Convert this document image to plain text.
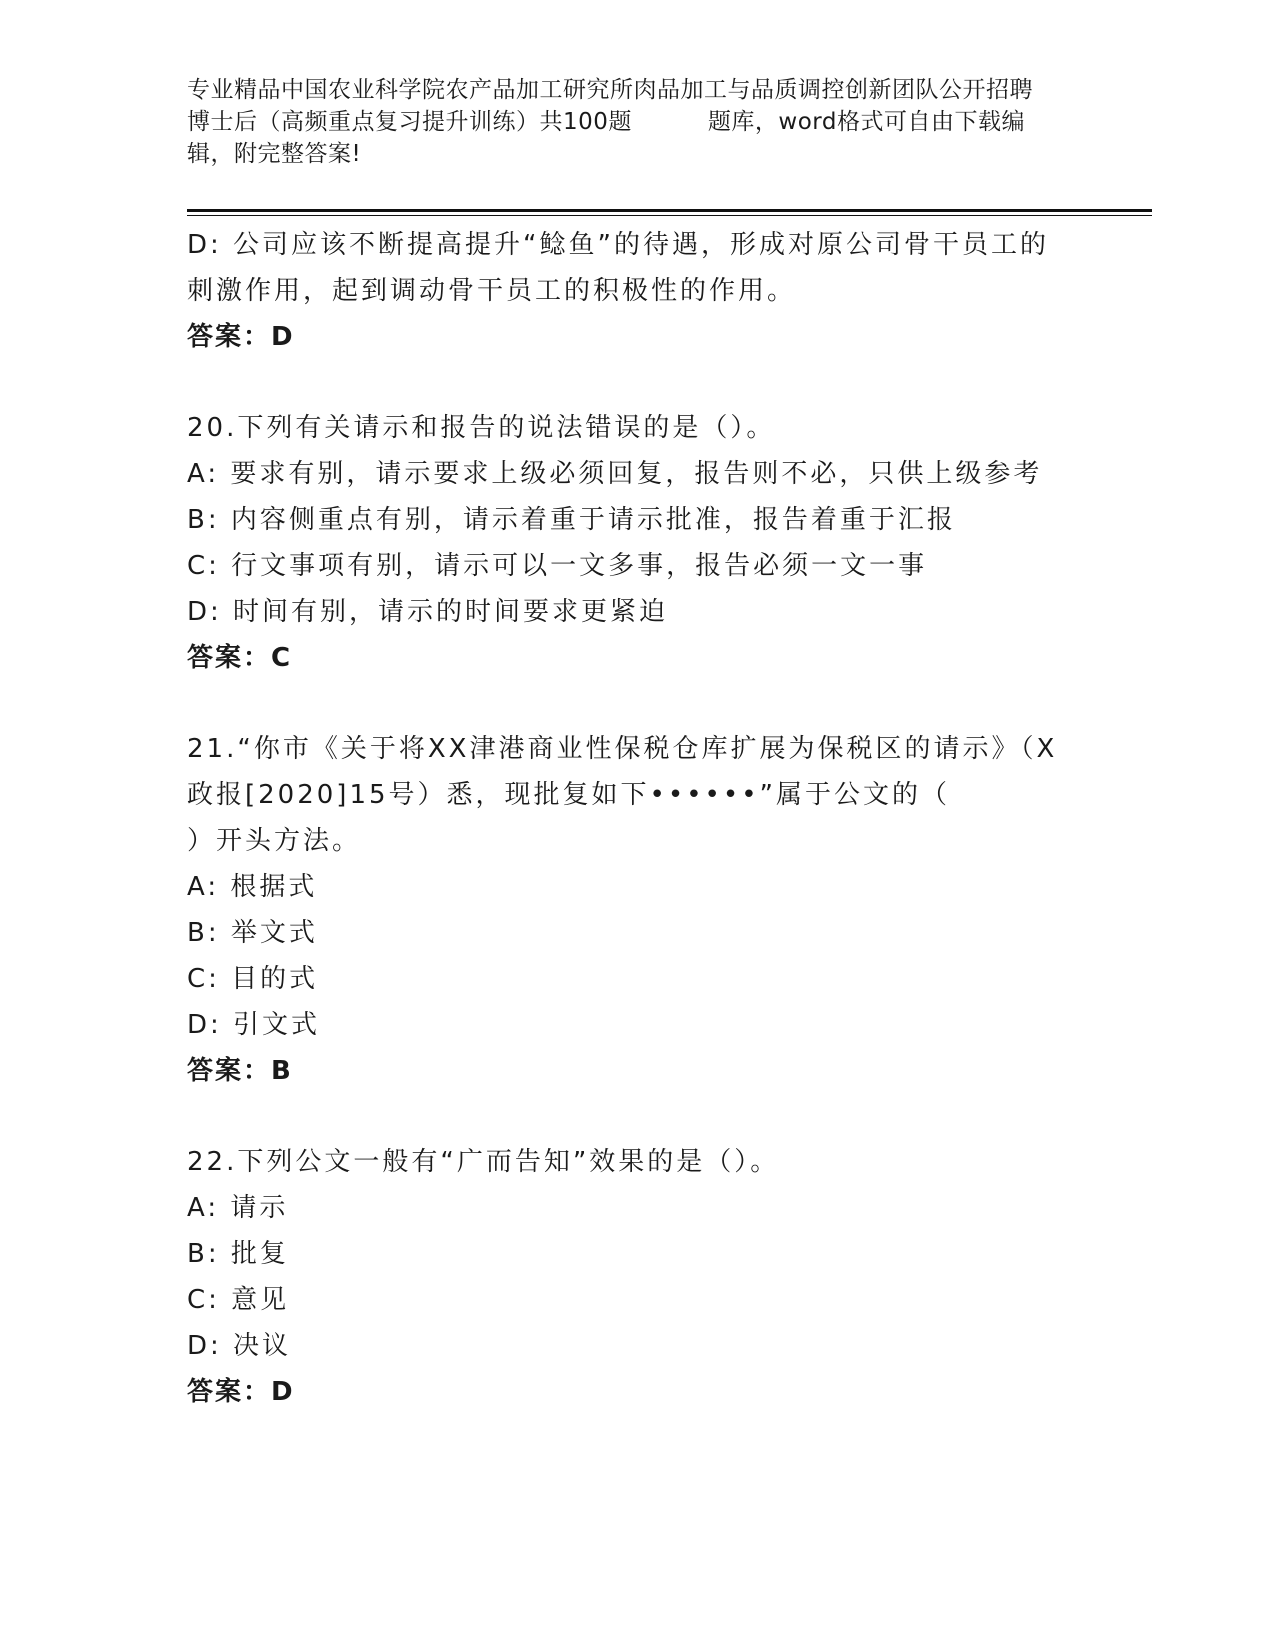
专业精品中国农业科学院农产品加工研究所肉品加工与品质调控创新团队公开招聘
博士后（高频重点复习提升训练）共100题	题库，word格式可自由下载编
辑，附完整答案!
D: 公司应该不断提高提升“鲶鱼”的待遇，形成对原公司骨干员工的
刺激作用，起到调动骨干员工的积极性的作用。
答案：D
20.下列有关请示和报告的说法错误的是（）。
A: 要求有别，请示要求上级必须回复，报告则不必，只供上级参考
B: 内容侧重点有别，请示着重于请示批准，报告着重于汇报
C: 行文事项有别，请示可以一文多事，报告必须一文一事
D: 时间有别，请示的时间要求更紧迫
答案：C
21.“你市《关于将XX津港商业性保税仓库扩展为保税区的请示》（X
政报[2020]15号）悉，现批复如下••••••”属于公文的（
）开头方法。
A: 根据式
B: 举文式
C: 目的式
D: 引文式
答案：B
22.下列公文一般有“广而告知”效果的是（）。
A: 请示
B: 批复
C: 意见
D: 决议
答案：D
